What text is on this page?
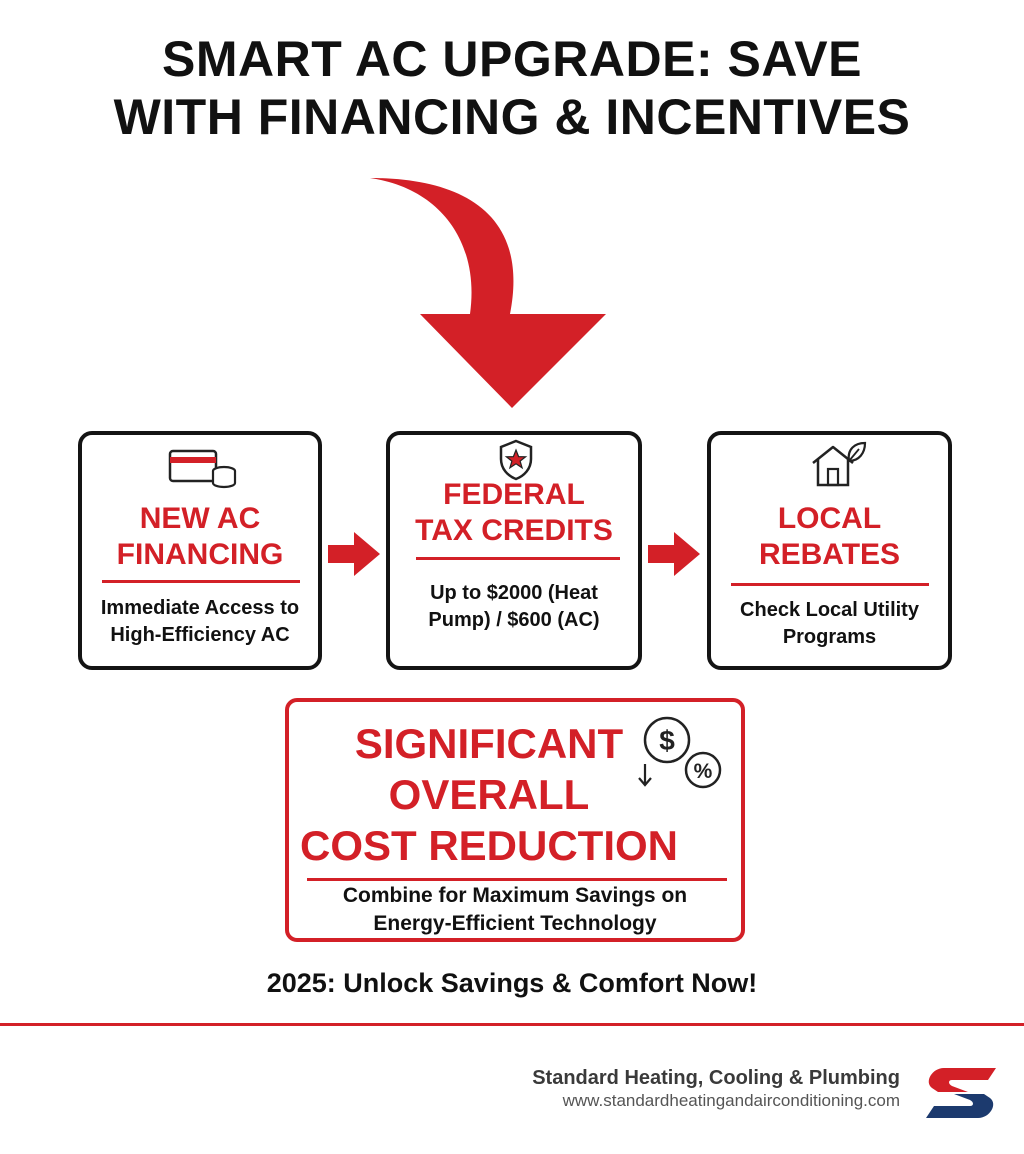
SMART AC UPGRADE: SAVE
WITH FINANCING & INCENTIVES
NEW AC
FINANCING
Immediate Access to
High-Efficiency AC
FEDERAL
TAX CREDITS
Up to $2000 (Heat
Pump) / $600 (AC)
LOCAL
REBATES
Check Local Utility
Programs
SIGNIFICANT
OVERALL
COST REDUCTION
$
%
Combine for Maximum Savings on
Energy-Efficient Technology
2025: Unlock Savings & Comfort Now!
Standard Heating, Cooling & Plumbing
www.standardheatingandairconditioning.com
